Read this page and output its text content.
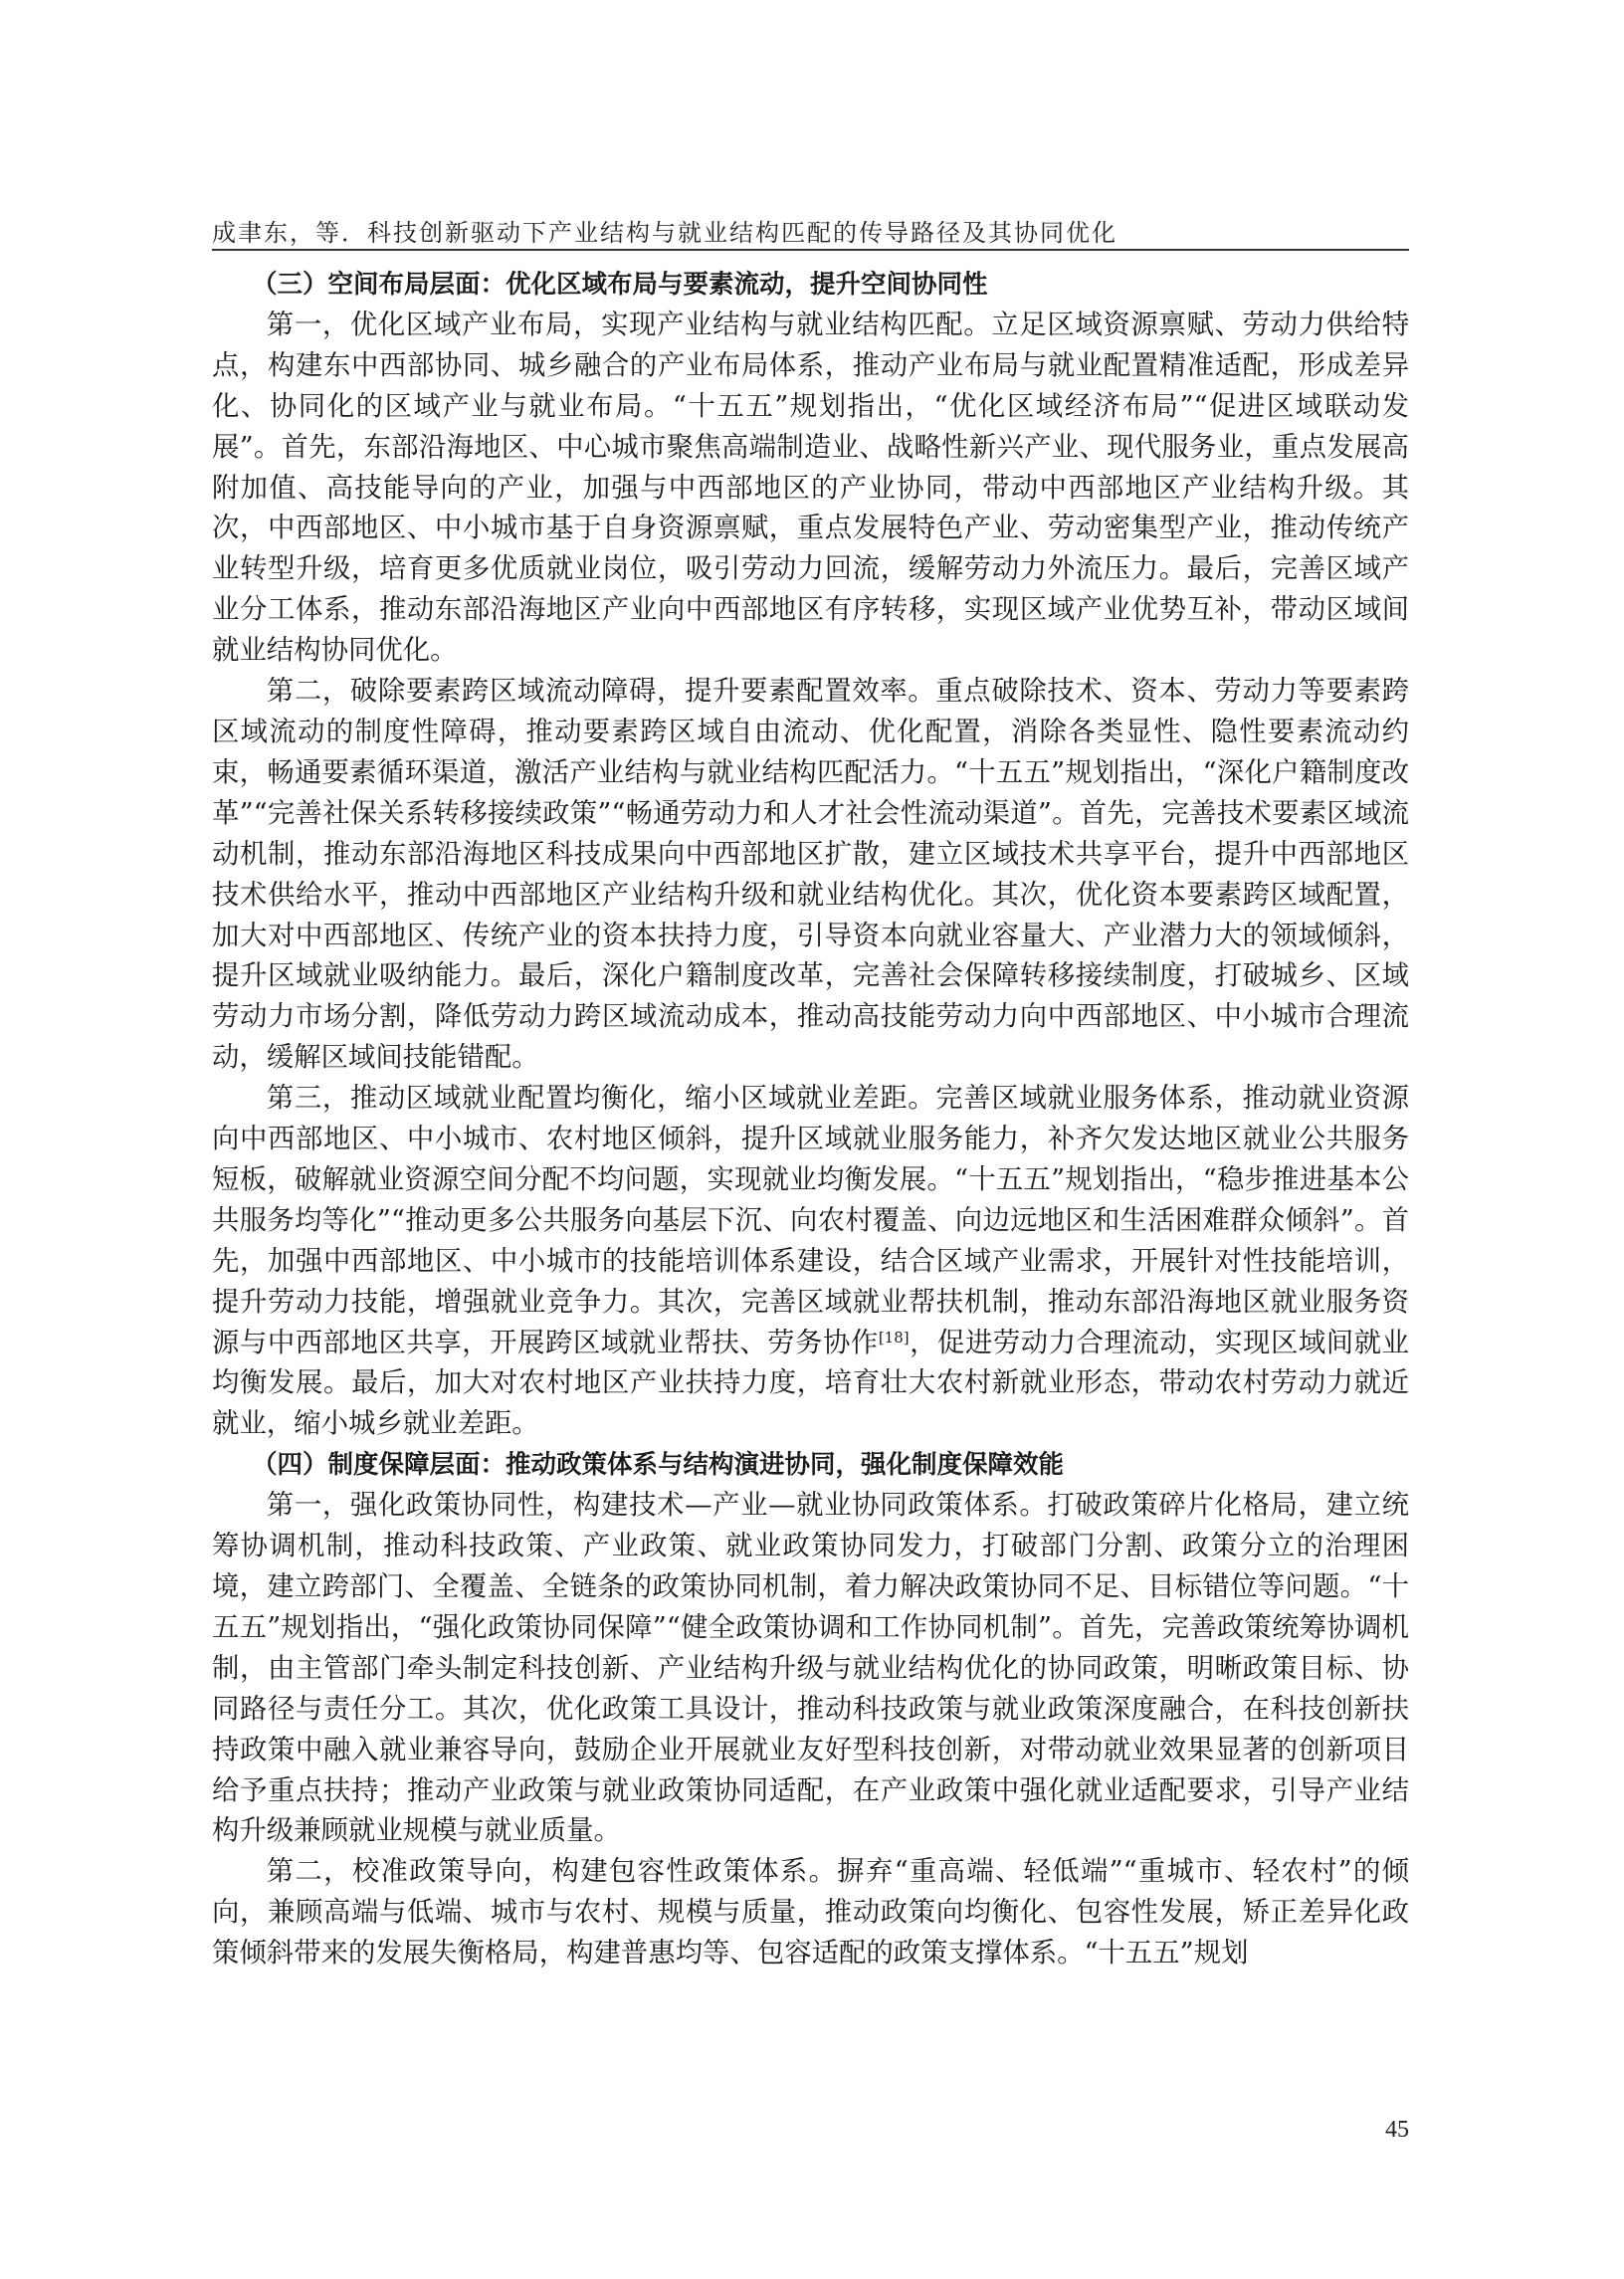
成聿东，等．科技创新驱动下产业结构与就业结构匹配的传导路径及其协同优化
（三）空间布局层面：优化区域布局与要素流动，提升空间协同性

第一，优化区域产业布局，实现产业结构与就业结构匹配。立足区域资源禀赋、劳动力供给特点，构建东中西部协同、城乡融合的产业布局体系，推动产业布局与就业配置精准适配，形成差异化、协同化的区域产业与就业布局。“十五五”规划指出，“优化区域经济布局”“促进区域联动发展”。首先，东部沿海地区、中心城市聚焦高端制造业、战略性新兴产业、现代服务业，重点发展高附加值、高技能导向的产业，加强与中西部地区的产业协同，带动中西部地区产业结构升级。其次，中西部地区、中小城市基于自身资源禀赋，重点发展特色产业、劳动密集型产业，推动传统产业转型升级，培育更多优质就业岗位，吸引劳动力回流，缓解劳动力外流压力。最后，完善区域产业分工体系，推动东部沿海地区产业向中西部地区有序转移，实现区域产业优势互补，带动区域间就业结构协同优化。

第二，破除要素跨区域流动障碍，提升要素配置效率。重点破除技术、资本、劳动力等要素跨区域流动的制度性障碍，推动要素跨区域自由流动、优化配置，消除各类显性、隐性要素流动约束，畅通要素循环渠道，激活产业结构与就业结构匹配活力。“十五五”规划指出，“深化户籍制度改革”“完善社保关系转移接续政策”“畅通劳动力和人才社会性流动渠道”。首先，完善技术要素区域流动机制，推动东部沿海地区科技成果向中西部地区扩散，建立区域技术共享平台，提升中西部地区技术供给水平，推动中西部地区产业结构升级和就业结构优化。其次，优化资本要素跨区域配置，加大对中西部地区、传统产业的资本扶持力度，引导资本向就业容量大、产业潜力大的领域倾斜，提升区域就业吸纳能力。最后，深化户籍制度改革，完善社会保障转移接续制度，打破城乡、区域劳动力市场分割，降低劳动力跨区域流动成本，推动高技能劳动力向中西部地区、中小城市合理流动，缓解区域间技能错配。

第三，推动区域就业配置均衡化，缩小区域就业差距。完善区域就业服务体系，推动就业资源向中西部地区、中小城市、农村地区倾斜，提升区域就业服务能力，补齐欠发达地区就业公共服务短板，破解就业资源空间分配不均问题，实现就业均衡发展。“十五五”规划指出，“稳步推进基本公共服务均等化”“推动更多公共服务向基层下沉、向农村覆盖、向边远地区和生活困难群众倾斜”。首先，加强中西部地区、中小城市的技能培训体系建设，结合区域产业需求，开展针对性技能培训，提升劳动力技能，增强就业竞争力。其次，完善区域就业帮扶机制，推动东部沿海地区就业服务资源与中西部地区共享，开展跨区域就业帮扶、劳务协作[18]，促进劳动力合理流动，实现区域间就业均衡发展。最后，加大对农村地区产业扶持力度，培育壮大农村新就业形态，带动农村劳动力就近就业，缩小城乡就业差距。

（四）制度保障层面：推动政策体系与结构演进协同，强化制度保障效能

第一，强化政策协同性，构建技术—产业—就业协同政策体系。打破政策碎片化格局，建立统筹协调机制，推动科技政策、产业政策、就业政策协同发力，打破部门分割、政策分立的治理困境，建立跨部门、全覆盖、全链条的政策协同机制，着力解决政策协同不足、目标错位等问题。“十五五”规划指出，“强化政策协同保障”“健全政策协调和工作协同机制”。首先，完善政策统筹协调机制，由主管部门牵头制定科技创新、产业结构升级与就业结构优化的协同政策，明晰政策目标、协同路径与责任分工。其次，优化政策工具设计，推动科技政策与就业政策深度融合，在科技创新扶持政策中融入就业兼容导向，鼓励企业开展就业友好型科技创新，对带动就业效果显著的创新项目给予重点扶持；推动产业政策与就业政策协同适配，在产业政策中强化就业适配要求，引导产业结构升级兼顾就业规模与就业质量。

第二，校准政策导向，构建包容性政策体系。摒弃“重高端、轻低端”“重城市、轻农村”的倾向，兼顾高端与低端、城市与农村、规模与质量，推动政策向均衡化、包容性发展，矫正差异化政策倾斜带来的发展失衡格局，构建普惠均等、包容适配的政策支撑体系。“十五五”规划

45
